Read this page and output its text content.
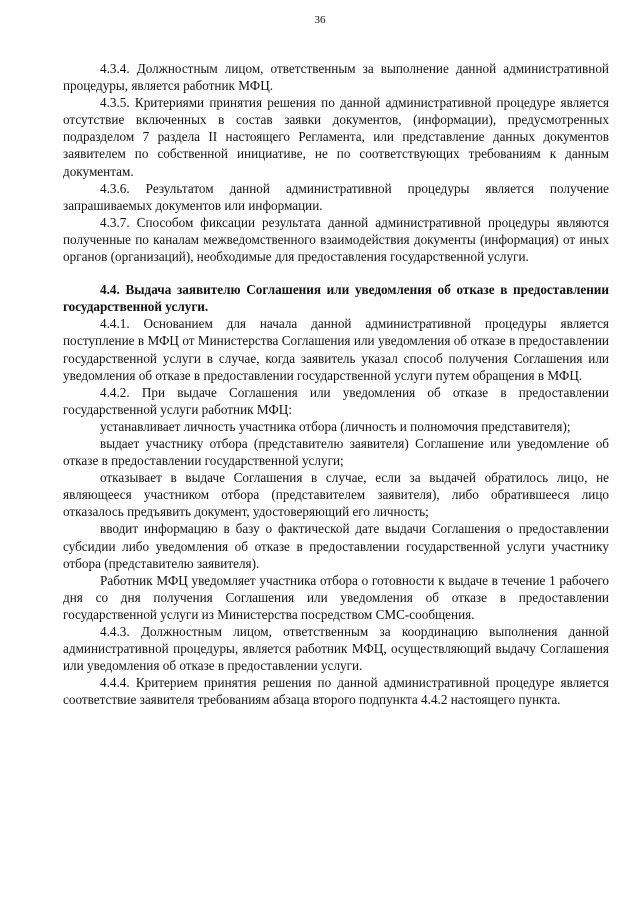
36

4.3.4. Должностным лицом, ответственным за выполнение данной административной процедуры, является работник МФЦ.

4.3.5. Критериями принятия решения по данной административной процедуре является отсутствие включенных в состав заявки документов, (информации), предусмотренных подразделом 7 раздела II настоящего Регламента, или представление данных документов заявителем по собственной инициативе, не по соответствующих требованиям к данным документам.

4.3.6. Результатом данной административной процедуры является получение запрашиваемых документов или информации.

4.3.7. Способом фиксации результата данной административной процедуры являются полученные по каналам межведомственного взаимодействия документы (информация) от иных органов (организаций), необходимые для предоставления государственной услуги.

4.4. Выдача заявителю Соглашения или уведомления об отказе в предоставлении государственной услуги.

4.4.1. Основанием для начала данной административной процедуры является поступление в МФЦ от Министерства Соглашения или уведомления об отказе в предоставлении государственной услуги в случае, когда заявитель указал способ получения Соглашения или уведомления об отказе в предоставлении государственной услуги путем обращения в МФЦ.

4.4.2. При выдаче Соглашения или уведомления об отказе в предоставлении государственной услуги работник МФЦ:

устанавливает личность участника отбора (личность и полномочия представителя);

выдает участнику отбора (представителю заявителя) Соглашение или уведомление об отказе в предоставлении государственной услуги;

отказывает в выдаче Соглашения в случае, если за выдачей обратилось лицо, не являющееся участником отбора (представителем заявителя), либо обратившееся лицо отказалось предъявить документ, удостоверяющий его личность;

вводит информацию в базу о фактической дате выдачи Соглашения о предоставлении субсидии либо уведомления об отказе в предоставлении государственной услуги участнику отбора (представителю заявителя).

Работник МФЦ уведомляет участника отбора о готовности к выдаче в течение 1 рабочего дня со дня получения Соглашения или уведомления об отказе в предоставлении государственной услуги из Министерства посредством СМС-сообщения.

4.4.3. Должностным лицом, ответственным за координацию выполнения данной административной процедуры, является работник МФЦ, осуществляющий выдачу Соглашения или уведомления об отказе в предоставлении услуги.

4.4.4. Критерием принятия решения по данной административной процедуре является соответствие заявителя требованиям абзаца второго подпункта 4.4.2 настоящего пункта.
